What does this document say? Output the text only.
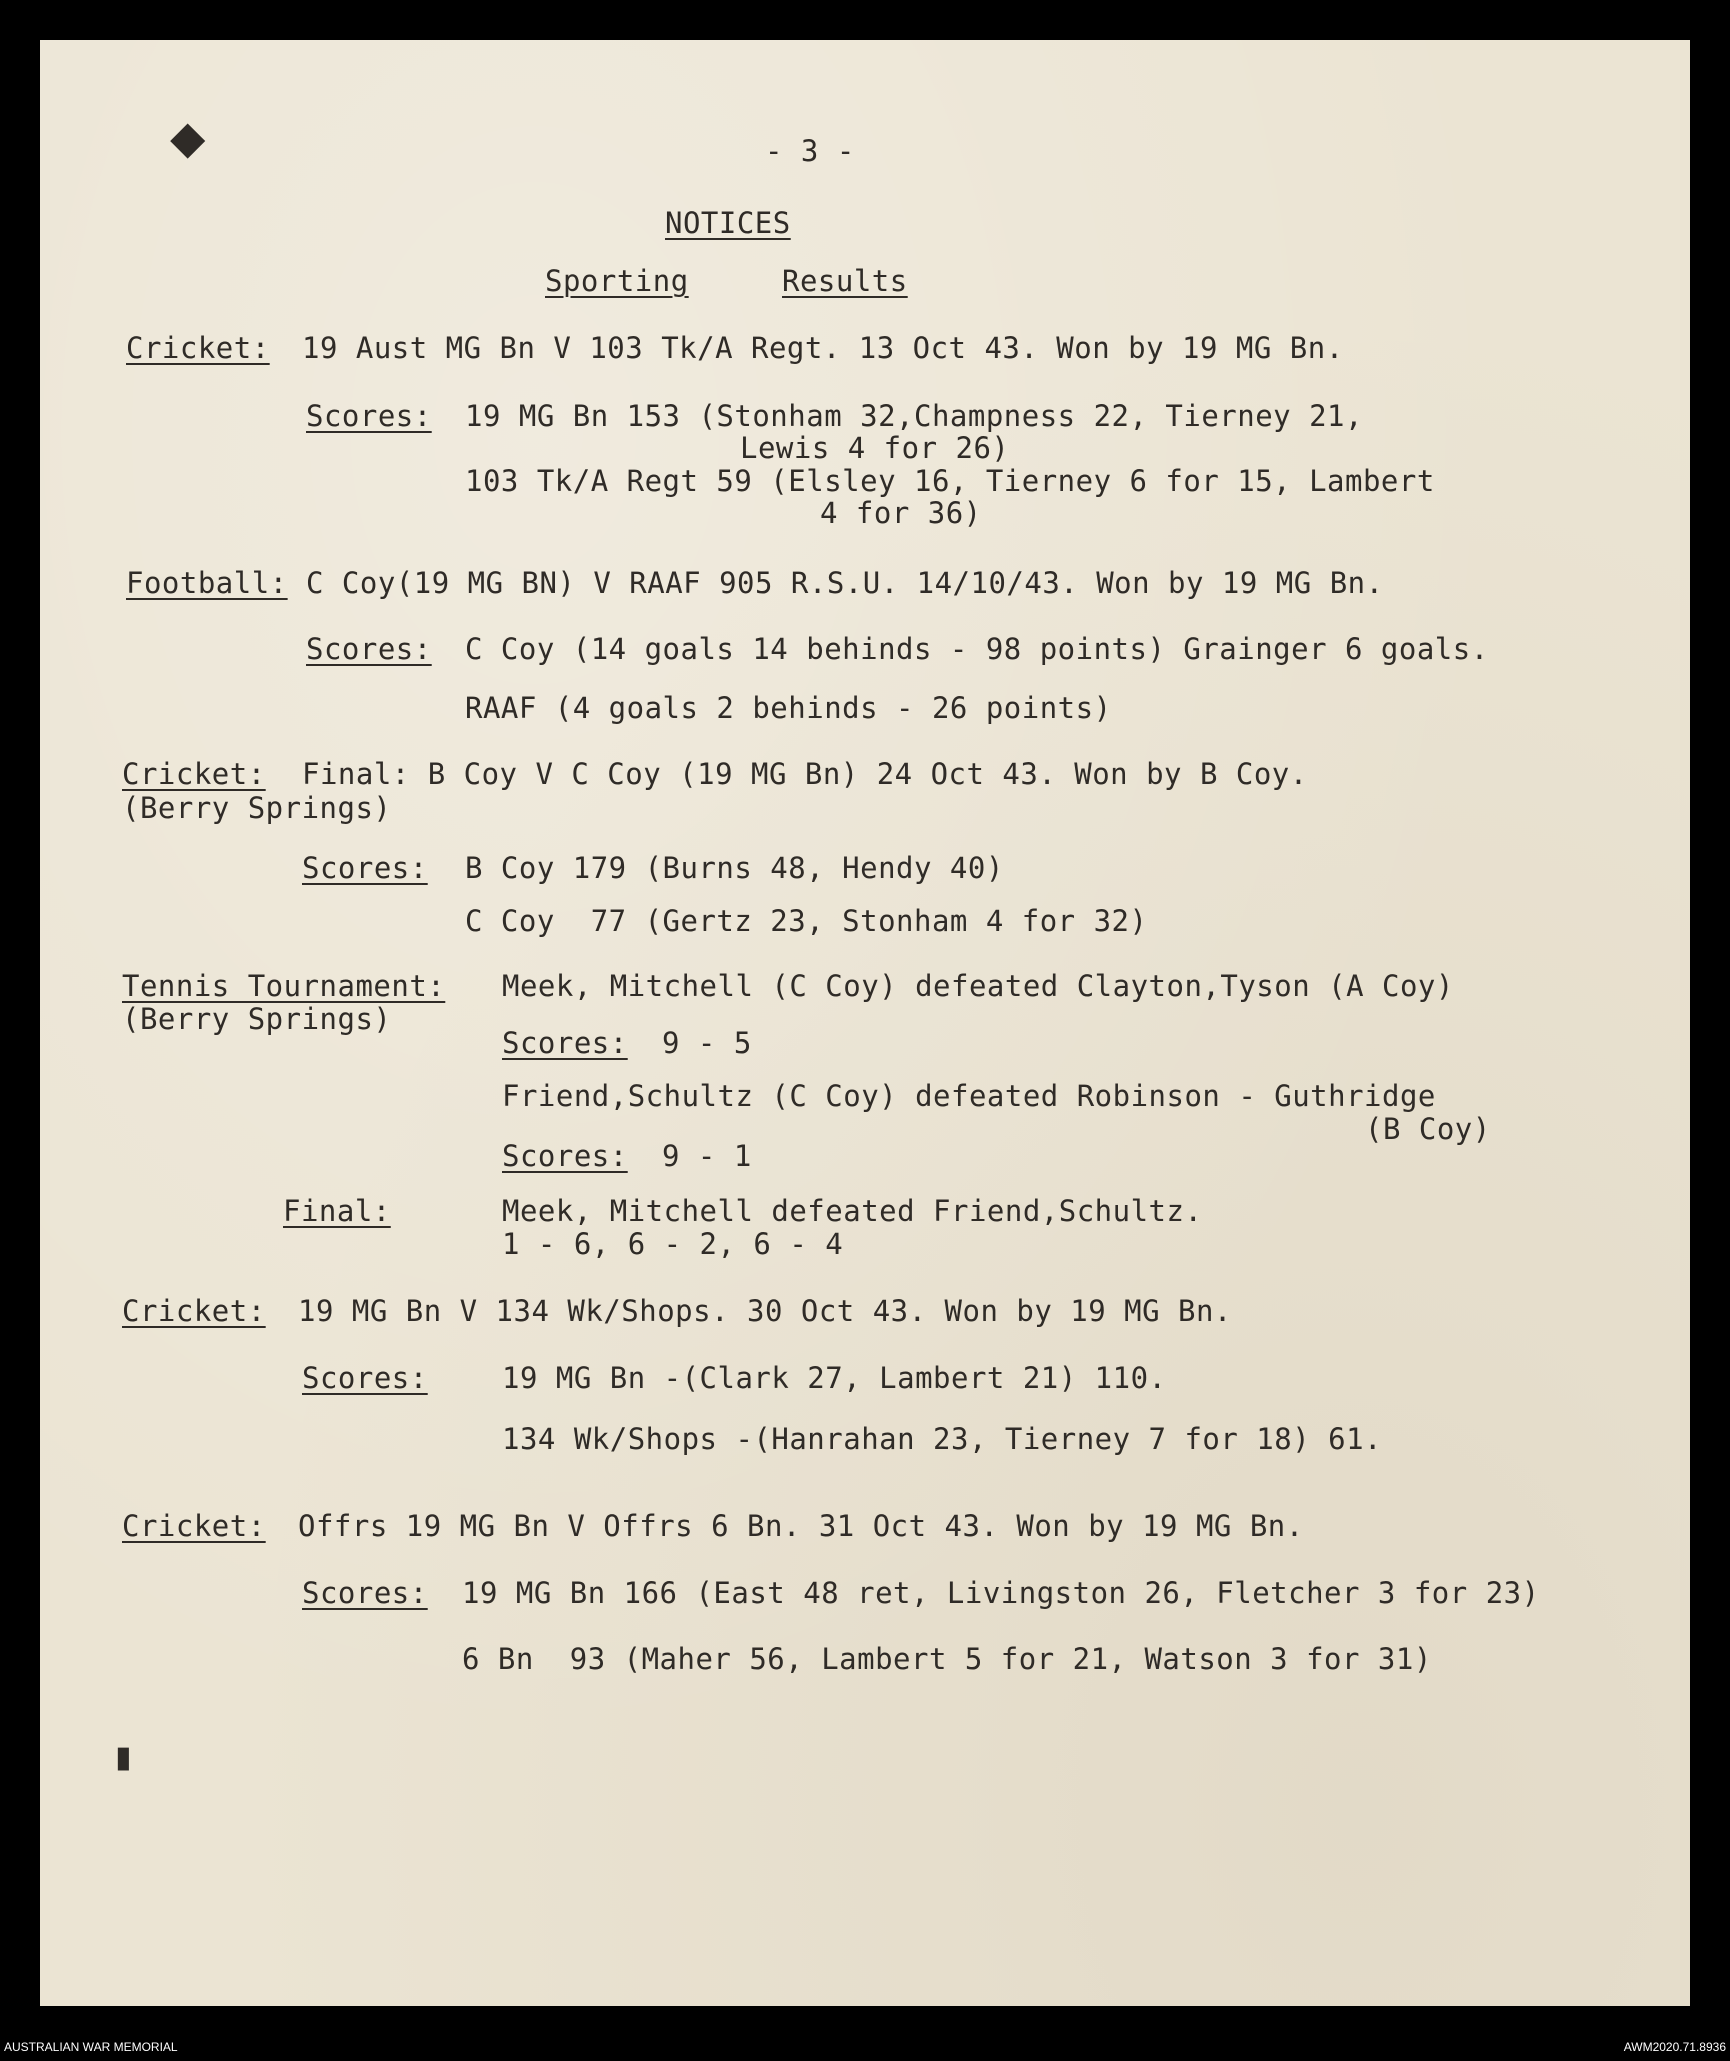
◆
▮
- 3 -
NOTICES
Sporting	Results
Cricket: 19 Aust MG Bn V 103 Tk/A Regt. 13 Oct 43. Won by 19 MG Bn.
Scores: 19 MG Bn 153 (Stonham 32,Champness 22, Tierney 21,
Lewis 4 for 26)
103 Tk/A Regt 59 (Elsley 16, Tierney 6 for 15, Lambert
4 for 36)
Football: C Coy(19 MG BN) V RAAF 905 R.S.U. 14/10/43. Won by 19 MG Bn.
Scores: C Coy (14 goals 14 behinds - 98 points) Grainger 6 goals.
RAAF (4 goals 2 behinds - 26 points)
Cricket: Final: B Coy V C Coy (19 MG Bn) 24 Oct 43. Won by B Coy.
(Berry Springs)
Scores: B Coy 179 (Burns 48, Hendy 40)
C Coy  77 (Gertz 23, Stonham 4 for 32)
Tennis Tournament:
(Berry Springs)
Meek, Mitchell (C Coy) defeated Clayton,Tyson (A Coy)
Scores: 9 - 5
Friend,Schultz (C Coy) defeated Robinson - Guthridge
(B Coy)
Scores: 9 - 1
Final:	Meek, Mitchell defeated Friend,Schultz.
1 - 6, 6 - 2, 6 - 4
Cricket: 19 MG Bn V 134 Wk/Shops. 30 Oct 43. Won by 19 MG Bn.
Scores:	19 MG Bn -(Clark 27, Lambert 21) 110.
134 Wk/Shops -(Hanrahan 23, Tierney 7 for 18) 61.
Cricket: Offrs 19 MG Bn V Offrs 6 Bn. 31 Oct 43. Won by 19 MG Bn.
Scores: 19 MG Bn 166 (East 48 ret, Livingston 26, Fletcher 3 for 23)
6 Bn  93 (Maher 56, Lambert 5 for 21, Watson 3 for 31)
AUSTRALIAN WAR MEMORIAL	AWM2020.71.8936
